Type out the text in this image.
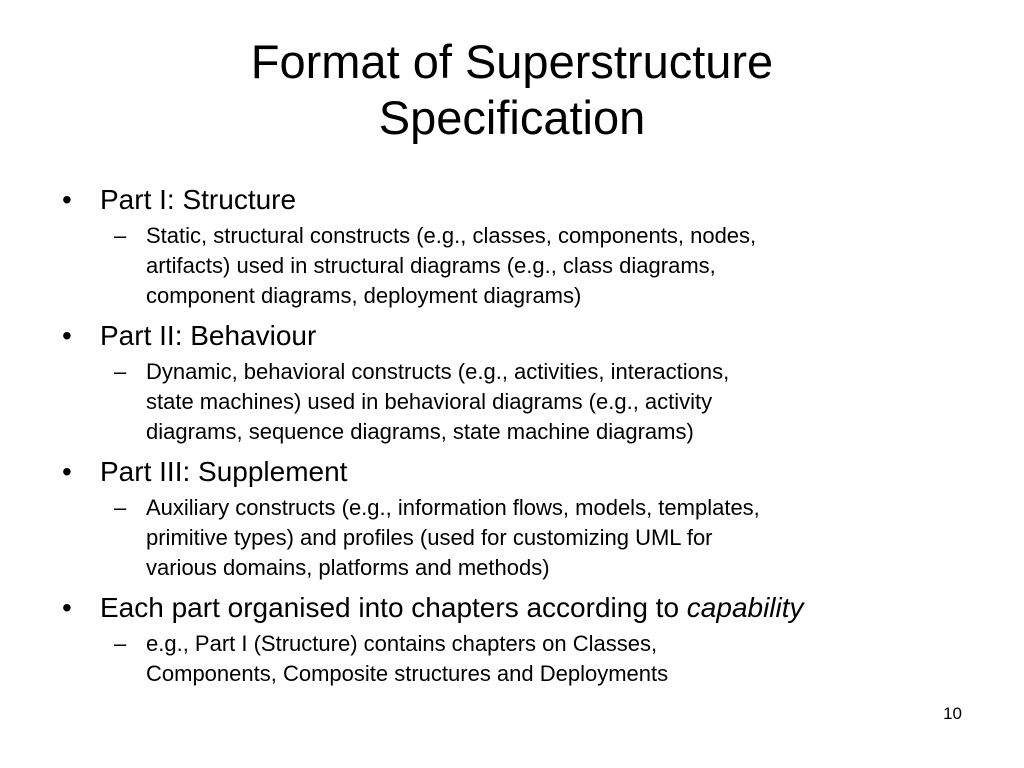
Format of Superstructure
Specification
• Part I: Structure
– Static, structural constructs (e.g., classes, components, nodes,
artifacts) used in structural diagrams (e.g., class diagrams,
component diagrams, deployment diagrams)
• Part II: Behaviour
– Dynamic, behavioral constructs (e.g., activities, interactions,
state machines) used in behavioral diagrams (e.g., activity
diagrams, sequence diagrams, state machine diagrams)
• Part III: Supplement
– Auxiliary constructs (e.g., information flows, models, templates,
primitive types) and profiles (used for customizing UML for
various domains, platforms and methods)
• Each part organised into chapters according to capability
– e.g., Part I (Structure) contains chapters on Classes,
Components, Composite structures and Deployments
10
